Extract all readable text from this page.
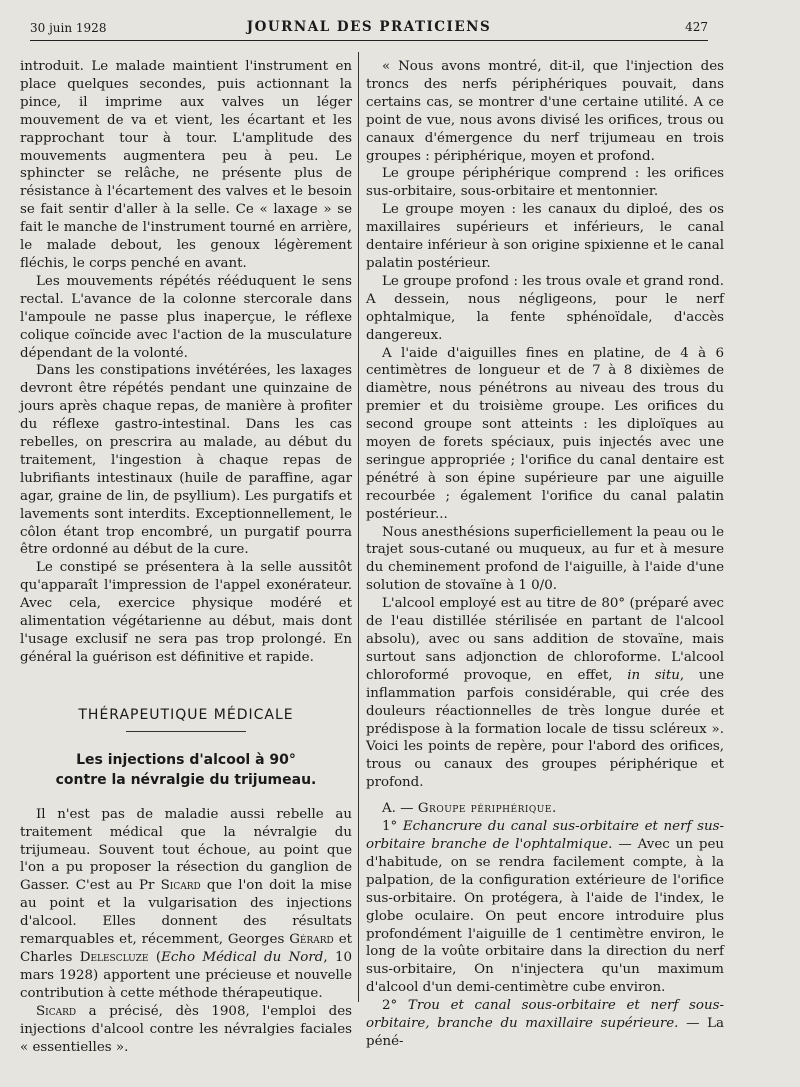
30 juin 1928	JOURNAL DES PRATICIENS	427

introduit. Le malade maintient l'instrument en place quelques secondes, puis actionnant la pince, il imprime aux valves un léger mouvement de va et vient, les écartant et les rapprochant tour à tour. L'amplitude des mouvements augmentera peu à peu. Le sphincter se relâche, ne présente plus de résistance à l'écartement des valves et le besoin se fait sentir d'aller à la selle. Ce « laxage » se fait le manche de l'instrument tourné en arrière, le malade debout, les genoux légèrement fléchis, le corps penché en avant.

Les mouvements répétés rééduquent le sens rectal. L'avance de la colonne stercorale dans l'ampoule ne passe plus inaperçue, le réflexe colique coïncide avec l'action de la musculature dépendant de la volonté.

Dans les constipations invétérées, les laxages devront être répétés pendant une quinzaine de jours après chaque repas, de manière à profiter du réflexe gastro-intestinal. Dans les cas rebelles, on prescrira au malade, au début du traitement, l'ingestion à chaque repas de lubrifiants intestinaux (huile de paraffine, agar agar, graine de lin, de psyllium). Les purgatifs et lavements sont interdits. Exceptionnellement, le côlon étant trop encombré, un purgatif pourra être ordonné au début de la cure.

Le constipé se présentera à la selle aussitôt qu'apparaît l'impression de l'appel exonérateur. Avec cela, exercice physique modéré et alimentation végétarienne au début, mais dont l'usage exclusif ne sera pas trop prolongé. En général la guérison est définitive et rapide.

THÉRAPEUTIQUE MÉDICALE
Les injections d'alcool à 90°
contre la névralgie du trijumeau.

Il n'est pas de maladie aussi rebelle au traitement médical que la névralgie du trijumeau. Souvent tout échoue, au point que l'on a pu proposer la résection du ganglion de Gasser. C'est au Pr Sicard que l'on doit la mise au point et la vulgarisation des injections d'alcool. Elles donnent des résultats remarquables et, récemment, Georges Gérard et Charles Delescluze (Echo Médical du Nord, 10 mars 1928) apportent une précieuse et nouvelle contribution à cette méthode thérapeutique.

Sicard a précisé, dès 1908, l'emploi des injections d'alcool contre les névralgies faciales « essentielles ».

« Nous avons montré, dit-il, que l'injection des troncs des nerfs périphériques pouvait, dans certains cas, se montrer d'une certaine utilité. A ce point de vue, nous avons divisé les orifices, trous ou canaux d'émergence du nerf trijumeau en trois groupes : périphérique, moyen et profond.

Le groupe périphérique comprend : les orifices sus-orbitaire, sous-orbitaire et mentonnier.

Le groupe moyen : les canaux du diploé, des os maxillaires supérieurs et inférieurs, le canal dentaire inférieur à son origine spixienne et le canal palatin postérieur.

Le groupe profond : les trous ovale et grand rond. A dessein, nous négligeons, pour le nerf ophtalmique, la fente sphénoïdale, d'accès dangereux.

A l'aide d'aiguilles fines en platine, de 4 à 6 centimètres de longueur et de 7 à 8 dixièmes de diamètre, nous pénétrons au niveau des trous du premier et du troisième groupe. Les orifices du second groupe sont atteints : les diploïques au moyen de forets spéciaux, puis injectés avec une seringue appropriée ; l'orifice du canal dentaire est pénétré à son épine supérieure par une aiguille recourbée ; également l'orifice du canal palatin postérieur...

Nous anesthésions superficiellement la peau ou le trajet sous-cutané ou muqueux, au fur et à mesure du cheminement profond de l'aiguille, à l'aide d'une solution de stovaïne à 1 0/0.

L'alcool employé est au titre de 80° (préparé avec de l'eau distillée stérilisée en partant de l'alcool absolu), avec ou sans addition de stovaïne, mais surtout sans adjonction de chloroforme. L'alcool chloroformé provoque, en effet, in situ, une inflammation parfois considérable, qui crée des douleurs réactionnelles de très longue durée et prédispose à la formation locale de tissu scléreux ». Voici les points de repère, pour l'abord des orifices, trous ou canaux des groupes périphérique et profond.

A. — Groupe périphérique.

1° Echancrure du canal sus-orbitaire et nerf sus-orbitaire branche de l'ophtalmique. — Avec un peu d'habitude, on se rendra facilement compte, à la palpation, de la configuration extérieure de l'orifice sus-orbitaire. On protégera, à l'aide de l'index, le globe oculaire. On peut encore introduire plus profondément l'aiguille de 1 centimètre environ, le long de la voûte orbitaire dans la direction du nerf sus-orbitaire, On n'injectera qu'un maximum d'alcool d'un demi-centimètre cube environ.

2° Trou et canal sous-orbitaire et nerf sous-orbitaire, branche du maxillaire supérieure. — La péné-
